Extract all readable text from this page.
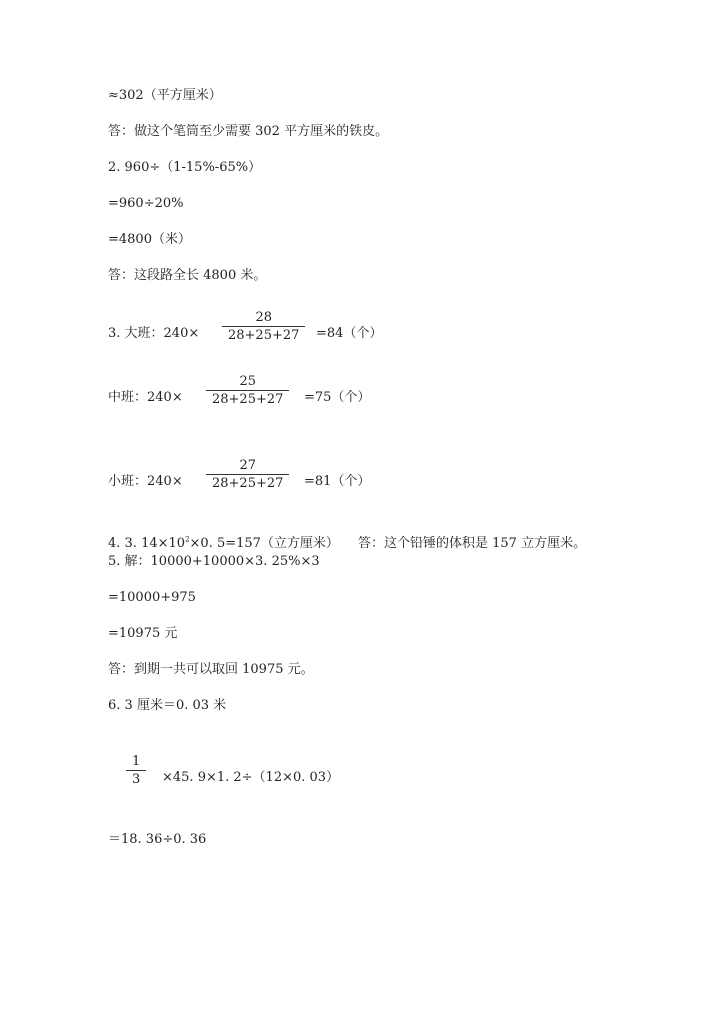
≈302（平方厘米）
答：做这个笔筒至少需要 302 平方厘米的铁皮。
2. 960÷（1-15%-65%）
=960÷20%
=4800（米）
答：这段路全长 4800 米。
3. 大班：240×
28
28+25+27	=84（个）
中班：240×
25
28+25+27	=75（个）
小班：240×
27
28+25+27	=81（个）
4. 3. $14\times 10^2\times 0$. 5=157（立方厘米） 答：这个铅锤的体积是 157 立方厘米。
5. 解：10000+10000×3. 25%×3
=10000+975
=10975 元
答：到期一共可以取回 10975 元。
6. 3 厘米＝0. 03 米
1
3	×45. 9×1. 2÷（12×0. 03）
＝18. 36÷0. 36
